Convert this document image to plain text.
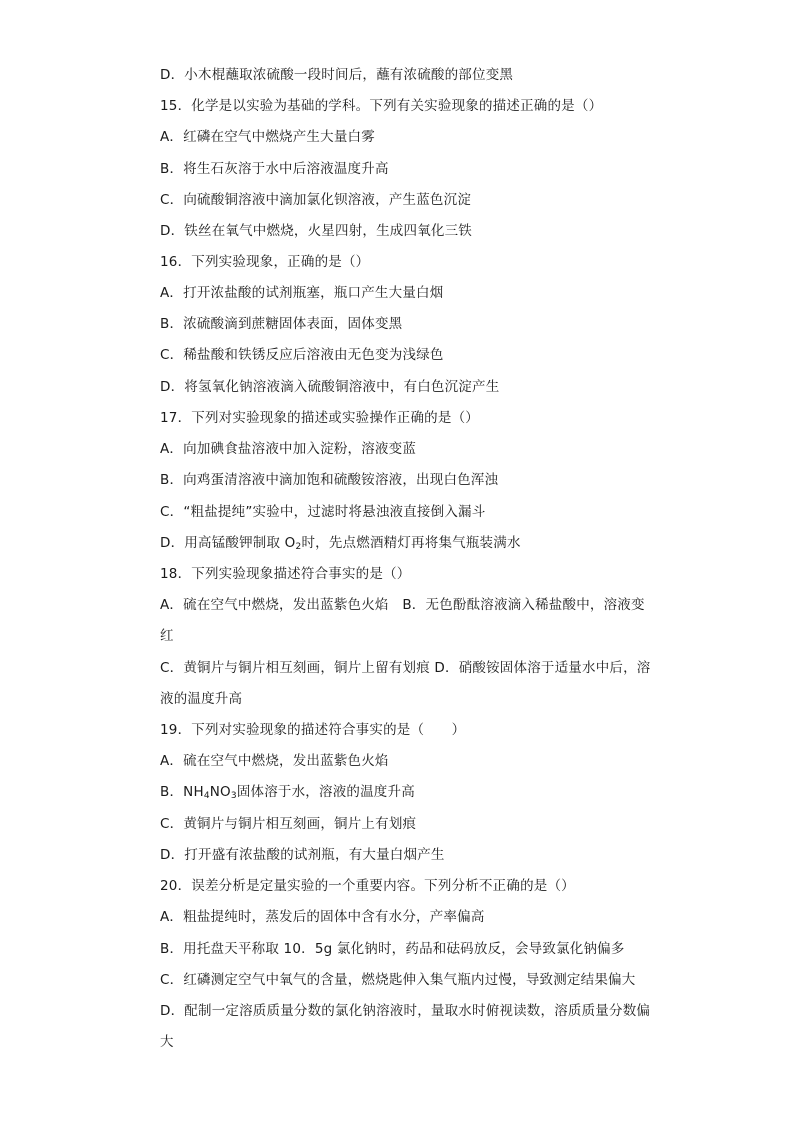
D．小木棍蘸取浓硫酸一段时间后，蘸有浓硫酸的部位变黑
15．化学是以实验为基础的学科。下列有关实验现象的描述正确的是（）
A．红磷在空气中燃烧产生大量白雾
B．将生石灰溶于水中后溶液温度升高
C．向硫酸铜溶液中滴加氯化钡溶液，产生蓝色沉淀
D．铁丝在氧气中燃烧，火星四射，生成四氧化三铁
16．下列实验现象，正确的是（）
A．打开浓盐酸的试剂瓶塞，瓶口产生大量白烟
B．浓硫酸滴到蔗糖固体表面，固体变黑
C．稀盐酸和铁锈反应后溶液由无色变为浅绿色
D．将氢氧化钠溶液滴入硫酸铜溶液中，有白色沉淀产生
17．下列对实验现象的描述或实验操作正确的是（）
A．向加碘食盐溶液中加入淀粉，溶液变蓝
B．向鸡蛋清溶液中滴加饱和硫酸铵溶液，出现白色浑浊
C．“粗盐提纯”实验中，过滤时将悬浊液直接倒入漏斗
D．用高锰酸钾制取 $O_2$时，先点燃酒精灯再将集气瓶装满水
18．下列实验现象描述符合事实的是（）
A．硫在空气中燃烧，发出蓝紫色火焰　B．无色酚酞溶液滴入稀盐酸中，溶液变
红
C．黄铜片与铜片相互刻画，铜片上留有划痕 D．硝酸铵固体溶于适量水中后，溶
液的温度升高
19．下列对实验现象的描述符合事实的是（　　）
A．硫在空气中燃烧，发出蓝紫色火焰
B．$NH_4NO_3$固体溶于水，溶液的温度升高
C．黄铜片与铜片相互刻画，铜片上有划痕
D．打开盛有浓盐酸的试剂瓶，有大量白烟产生
20．误差分析是定量实验的一个重要内容。下列分析不正确的是（）
A．粗盐提纯时，蒸发后的固体中含有水分，产率偏高
B．用托盘天平称取 10．5g 氯化钠时，药品和砝码放反，会导致氯化钠偏多
C．红磷测定空气中氧气的含量，燃烧匙伸入集气瓶内过慢，导致测定结果偏大
D．配制一定溶质质量分数的氯化钠溶液时，量取水时俯视读数，溶质质量分数偏
大
